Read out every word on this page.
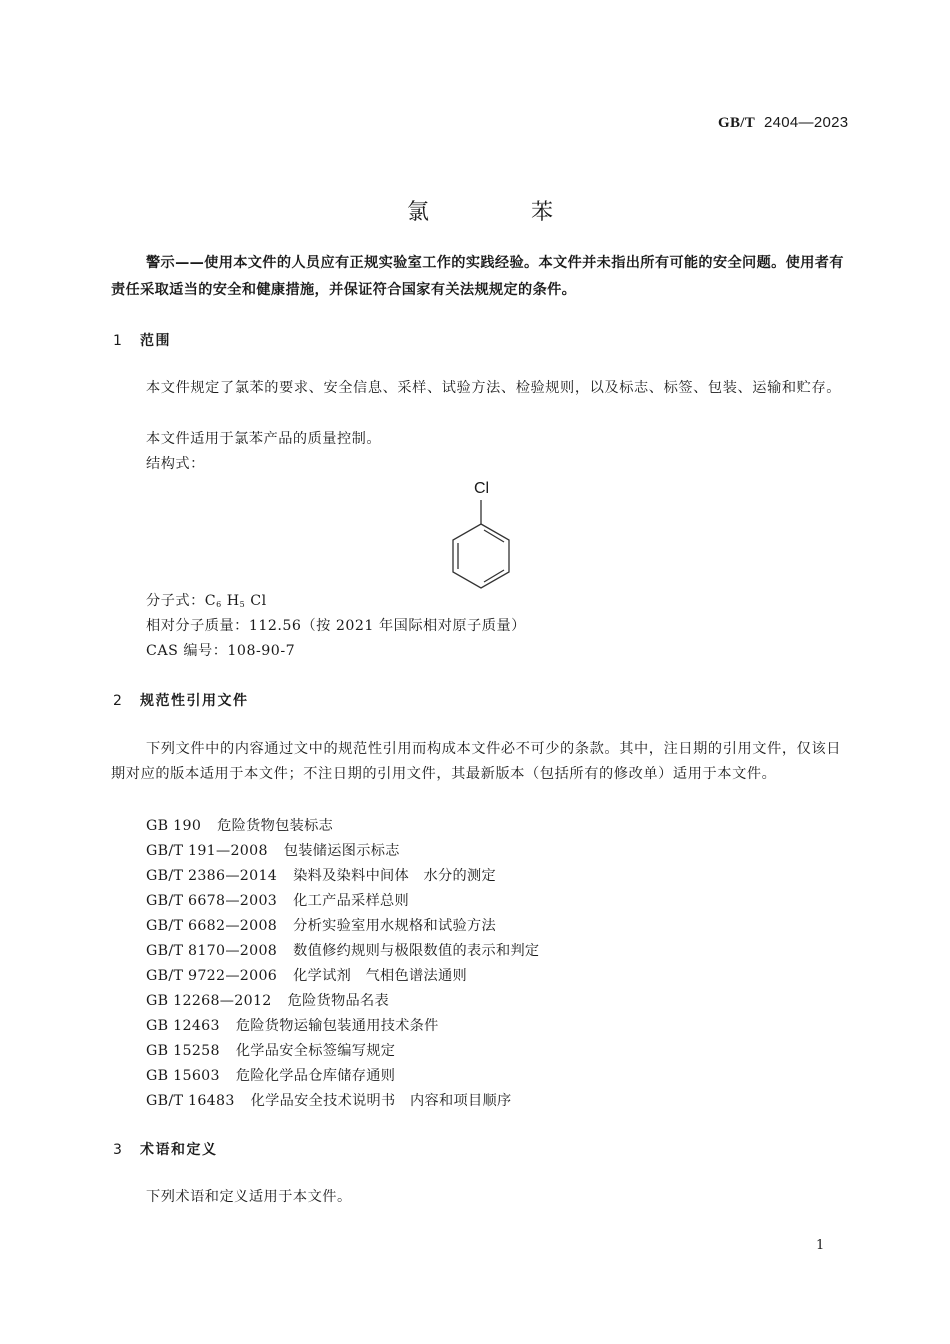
GB/T 2404—2023
氯	苯
警示——使用本文件的人员应有正规实验室工作的实践经验。本文件并未指出所有可能的安全问题。使用者有责任采取适当的安全和健康措施，并保证符合国家有关法规规定的条件。
1 范围
本文件规定了氯苯的要求、安全信息、采样、试验方法、检验规则，以及标志、标签、包装、运输和贮存。
本文件适用于氯苯产品的质量控制。
结构式：
Cl
分子式：$C_6$ $H_5$ Cl
相对分子质量：112.56（按 2021 年国际相对原子质量）
CAS 编号：108-90-7
2 规范性引用文件
下列文件中的内容通过文中的规范性引用而构成本文件必不可少的条款。其中，注日期的引用文件，仅该日期对应的版本适用于本文件；不注日期的引用文件，其最新版本（包括所有的修改单）适用于本文件。
GB 190 危险货物包装标志
GB/T 191—2008 包装储运图示标志
GB/T 2386—2014 染料及染料中间体　水分的测定
GB/T 6678—2003 化工产品采样总则
GB/T 6682—2008 分析实验室用水规格和试验方法
GB/T 8170—2008 数值修约规则与极限数值的表示和判定
GB/T 9722—2006 化学试剂　气相色谱法通则
GB 12268—2012 危险货物品名表
GB 12463 危险货物运输包装通用技术条件
GB 15258 化学品安全标签编写规定
GB 15603 危险化学品仓库储存通则
GB/T 16483 化学品安全技术说明书　内容和项目顺序
3 术语和定义
下列术语和定义适用于本文件。
1
